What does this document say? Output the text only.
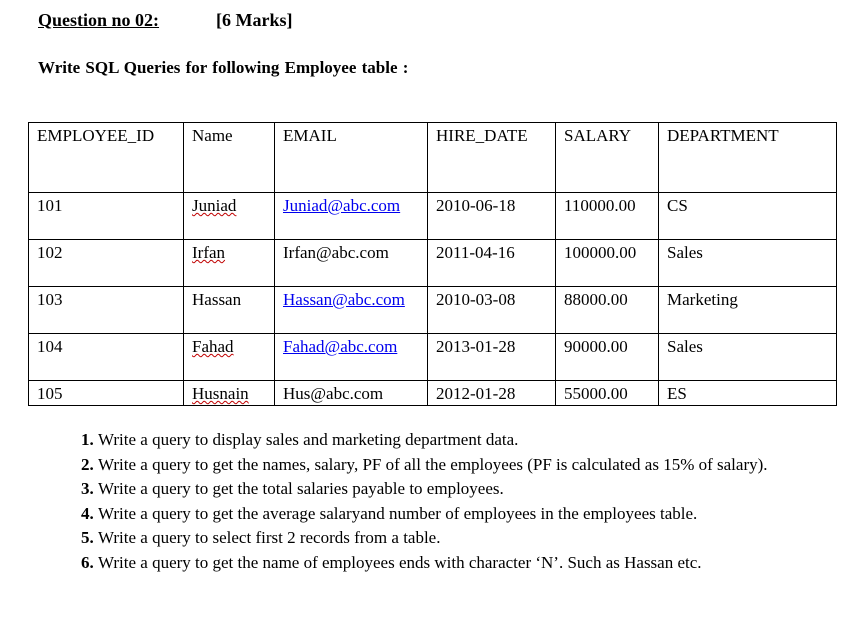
Question no 02:	[6 Marks]
Write SQL Queries for following Employee table :
EMPLOYEE_ID	Name	EMAIL	HIRE_DATE	SALARY	DEPARTMENT
101	Juniad	Juniad@abc.com	2010-06-18	110000.00	CS
102	Irfan	Irfan@abc.com	2011-04-16	100000.00	Sales
103	Hassan	Hassan@abc.com	2010-03-08	88000.00	Marketing
104	Fahad	Fahad@abc.com	2013-01-28	90000.00	Sales
105	Husnain	Hus@abc.com	2012-01-28	55000.00	ES
1. Write a query to display sales and marketing department data.
2. Write a query to get the names, salary, PF of all the employees (PF is calculated as 15% of salary).
3. Write a query to get the total salaries payable to employees.
4. Write a query to get the average salaryand number of employees in the employees table.
5. Write a query to select first 2 records from a table.
6. Write a query to get the name of employees ends with character ‘N’. Such as Hassan etc.
